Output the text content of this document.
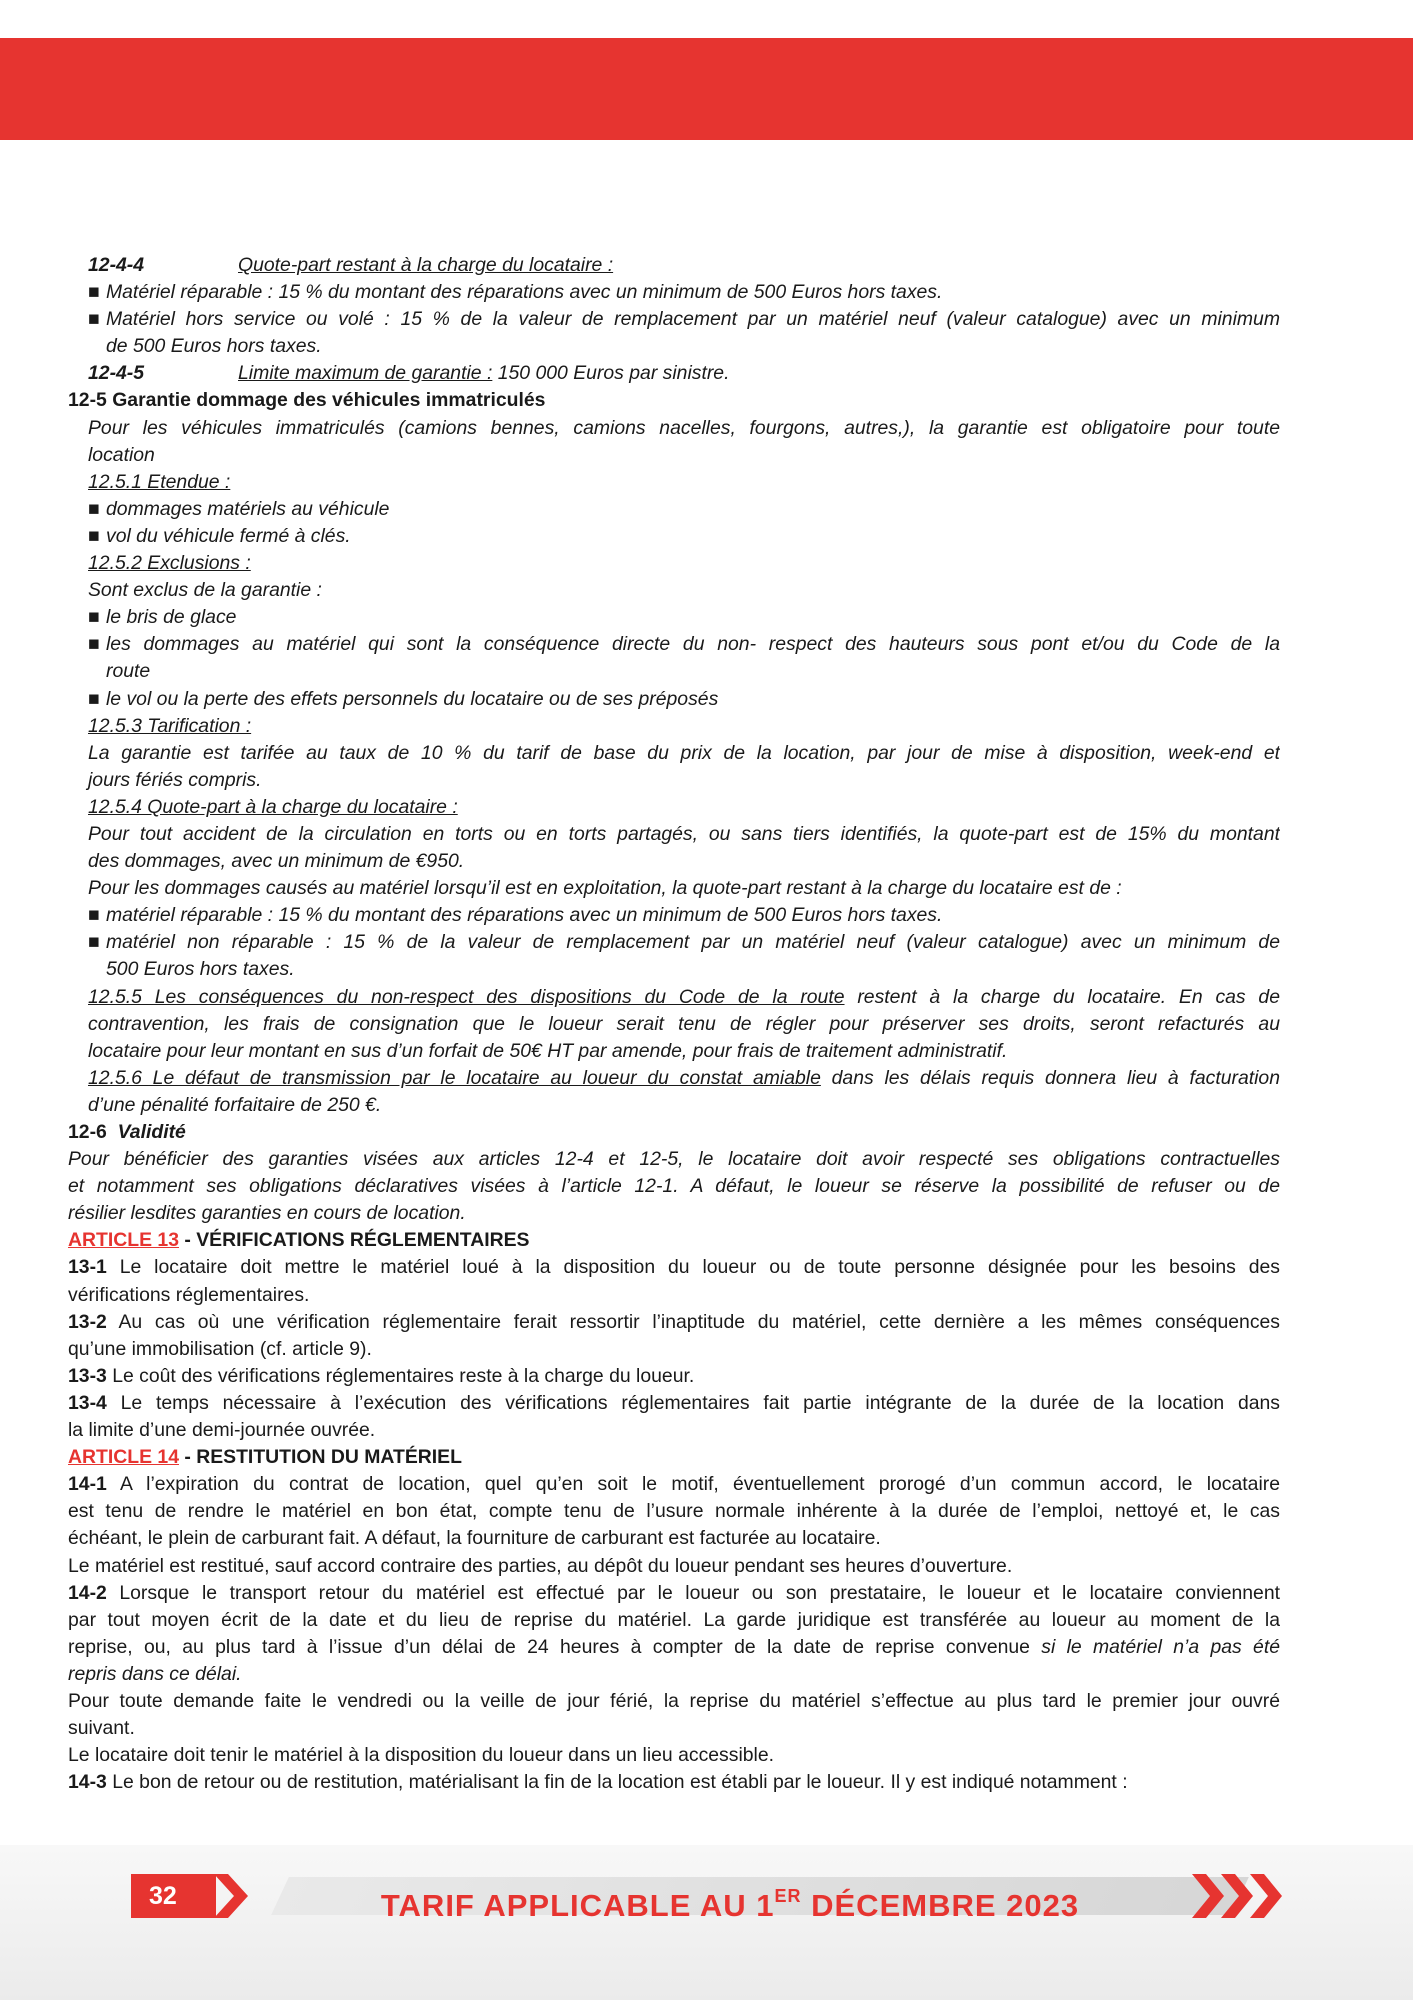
12-4-4	Quote-part restant à la charge du locataire :
■ Matériel réparable : 15 % du montant des réparations avec un minimum de 500 Euros hors taxes.
■ Matériel hors service ou volé : 15 % de la valeur de remplacement par un matériel neuf (valeur catalogue) avec un minimum
de 500 Euros hors taxes.
12-4-5	Limite maximum de garantie : 150 000 Euros par sinistre.
12-5 Garantie dommage des véhicules immatriculés
Pour les véhicules immatriculés (camions bennes, camions nacelles, fourgons, autres,), la garantie est obligatoire pour toute
location
12.5.1 Etendue :
■ dommages matériels au véhicule
■ vol du véhicule fermé à clés.
12.5.2 Exclusions :
Sont exclus de la garantie :
■ le bris de glace
■ les dommages au matériel qui sont la conséquence directe du non- respect des hauteurs sous pont et/ou du Code de la
route
■ le vol ou la perte des effets personnels du locataire ou de ses préposés
12.5.3 Tarification :
La garantie est tarifée au taux de 10 % du tarif de base du prix de la location, par jour de mise à disposition, week-end et
jours fériés compris.
12.5.4 Quote-part à la charge du locataire :
Pour tout accident de la circulation en torts ou en torts partagés, ou sans tiers identifiés, la quote-part est de 15% du montant
des dommages, avec un minimum de €950.
Pour les dommages causés au matériel lorsqu’il est en exploitation, la quote-part restant à la charge du locataire est de :
■ matériel réparable : 15 % du montant des réparations avec un minimum de 500 Euros hors taxes.
■ matériel non réparable : 15 % de la valeur de remplacement par un matériel neuf (valeur catalogue) avec un minimum de
500 Euros hors taxes.
12.5.5 Les conséquences du non-respect des dispositions du Code de la route restent à la charge du locataire. En cas de
contravention, les frais de consignation que le loueur serait tenu de régler pour préserver ses droits, seront refacturés au
locataire pour leur montant en sus d’un forfait de 50€ HT par amende, pour frais de traitement administratif.
12.5.6 Le défaut de transmission par le locataire au loueur du constat amiable dans les délais requis donnera lieu à facturation
d’une pénalité forfaitaire de 250 €.
12-6 Validité
Pour bénéficier des garanties visées aux articles 12-4 et 12-5, le locataire doit avoir respecté ses obligations contractuelles
et notamment ses obligations déclaratives visées à l’article 12-1. A défaut, le loueur se réserve la possibilité de refuser ou de
résilier lesdites garanties en cours de location.
ARTICLE 13 - VÉRIFICATIONS RÉGLEMENTAIRES
13-1 Le locataire doit mettre le matériel loué à la disposition du loueur ou de toute personne désignée pour les besoins des
vérifications réglementaires.
13-2 Au cas où une vérification réglementaire ferait ressortir l’inaptitude du matériel, cette dernière a les mêmes conséquences
qu’une immobilisation (cf. article 9).
13-3 Le coût des vérifications réglementaires reste à la charge du loueur.
13-4 Le temps nécessaire à l’exécution des vérifications réglementaires fait partie intégrante de la durée de la location dans
la limite d’une demi-journée ouvrée.
ARTICLE 14 - RESTITUTION DU MATÉRIEL
14-1 A l’expiration du contrat de location, quel qu’en soit le motif, éventuellement prorogé d’un commun accord, le locataire
est tenu de rendre le matériel en bon état, compte tenu de l’usure normale inhérente à la durée de l’emploi, nettoyé et, le cas
échéant, le plein de carburant fait. A défaut, la fourniture de carburant est facturée au locataire.
Le matériel est restitué, sauf accord contraire des parties, au dépôt du loueur pendant ses heures d’ouverture.
14-2 Lorsque le transport retour du matériel est effectué par le loueur ou son prestataire, le loueur et le locataire conviennent
par tout moyen écrit de la date et du lieu de reprise du matériel. La garde juridique est transférée au loueur au moment de la
reprise, ou, au plus tard à l’issue d’un délai de 24 heures à compter de la date de reprise convenue si le matériel n’a pas été
repris dans ce délai.
Pour toute demande faite le vendredi ou la veille de jour férié, la reprise du matériel s’effectue au plus tard le premier jour ouvré
suivant.
Le locataire doit tenir le matériel à la disposition du loueur dans un lieu accessible.
14-3 Le bon de retour ou de restitution, matérialisant la fin de la location est établi par le loueur. Il y est indiqué notamment :
32	TARIF APPLICABLE AU 1ER DÉCEMBRE 2023
